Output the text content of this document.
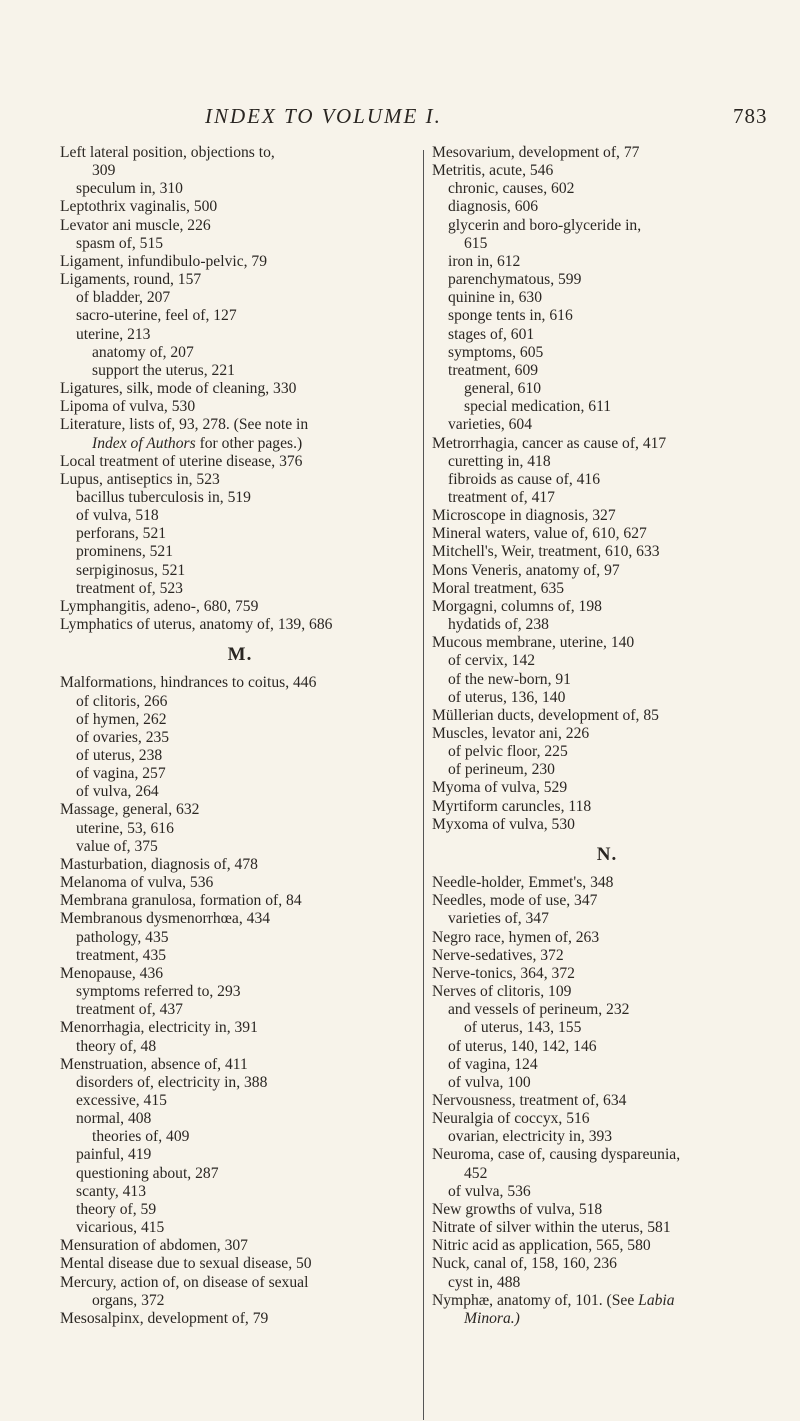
INDEX TO VOLUME I.	783
Left lateral position, objections to,
309
speculum in, 310
Leptothrix vaginalis, 500
Levator ani muscle, 226
spasm of, 515
Ligament, infundibulo-pelvic, 79
Ligaments, round, 157
of bladder, 207
sacro-uterine, feel of, 127
uterine, 213
anatomy of, 207
support the uterus, 221
Ligatures, silk, mode of cleaning, 330
Lipoma of vulva, 530
Literature, lists of, 93, 278. (See note in
Index of Authors for other pages.)
Local treatment of uterine disease, 376
Lupus, antiseptics in, 523
bacillus tuberculosis in, 519
of vulva, 518
perforans, 521
prominens, 521
serpiginosus, 521
treatment of, 523
Lymphangitis, adeno-, 680, 759
Lymphatics of uterus, anatomy of, 139, 686
M.
Malformations, hindrances to coitus, 446
of clitoris, 266
of hymen, 262
of ovaries, 235
of uterus, 238
of vagina, 257
of vulva, 264
Massage, general, 632
uterine, 53, 616
value of, 375
Masturbation, diagnosis of, 478
Melanoma of vulva, 536
Membrana granulosa, formation of, 84
Membranous dysmenorrhœa, 434
pathology, 435
treatment, 435
Menopause, 436
symptoms referred to, 293
treatment of, 437
Menorrhagia, electricity in, 391
theory of, 48
Menstruation, absence of, 411
disorders of, electricity in, 388
excessive, 415
normal, 408
theories of, 409
painful, 419
questioning about, 287
scanty, 413
theory of, 59
vicarious, 415
Mensuration of abdomen, 307
Mental disease due to sexual disease, 50
Mercury, action of, on disease of sexual
organs, 372
Mesosalpinx, development of, 79
Mesovarium, development of, 77
Metritis, acute, 546
chronic, causes, 602
diagnosis, 606
glycerin and boro-glyceride in,
615
iron in, 612
parenchymatous, 599
quinine in, 630
sponge tents in, 616
stages of, 601
symptoms, 605
treatment, 609
general, 610
special medication, 611
varieties, 604
Metrorrhagia, cancer as cause of, 417
curetting in, 418
fibroids as cause of, 416
treatment of, 417
Microscope in diagnosis, 327
Mineral waters, value of, 610, 627
Mitchell's, Weir, treatment, 610, 633
Mons Veneris, anatomy of, 97
Moral treatment, 635
Morgagni, columns of, 198
hydatids of, 238
Mucous membrane, uterine, 140
of cervix, 142
of the new-born, 91
of uterus, 136, 140
Müllerian ducts, development of, 85
Muscles, levator ani, 226
of pelvic floor, 225
of perineum, 230
Myoma of vulva, 529
Myrtiform caruncles, 118
Myxoma of vulva, 530
N.
Needle-holder, Emmet's, 348
Needles, mode of use, 347
varieties of, 347
Negro race, hymen of, 263
Nerve-sedatives, 372
Nerve-tonics, 364, 372
Nerves of clitoris, 109
and vessels of perineum, 232
of uterus, 143, 155
of uterus, 140, 142, 146
of vagina, 124
of vulva, 100
Nervousness, treatment of, 634
Neuralgia of coccyx, 516
ovarian, electricity in, 393
Neuroma, case of, causing dyspareunia,
452
of vulva, 536
New growths of vulva, 518
Nitrate of silver within the uterus, 581
Nitric acid as application, 565, 580
Nuck, canal of, 158, 160, 236
cyst in, 488
Nymphæ, anatomy of, 101. (See Labia
Minora.)
